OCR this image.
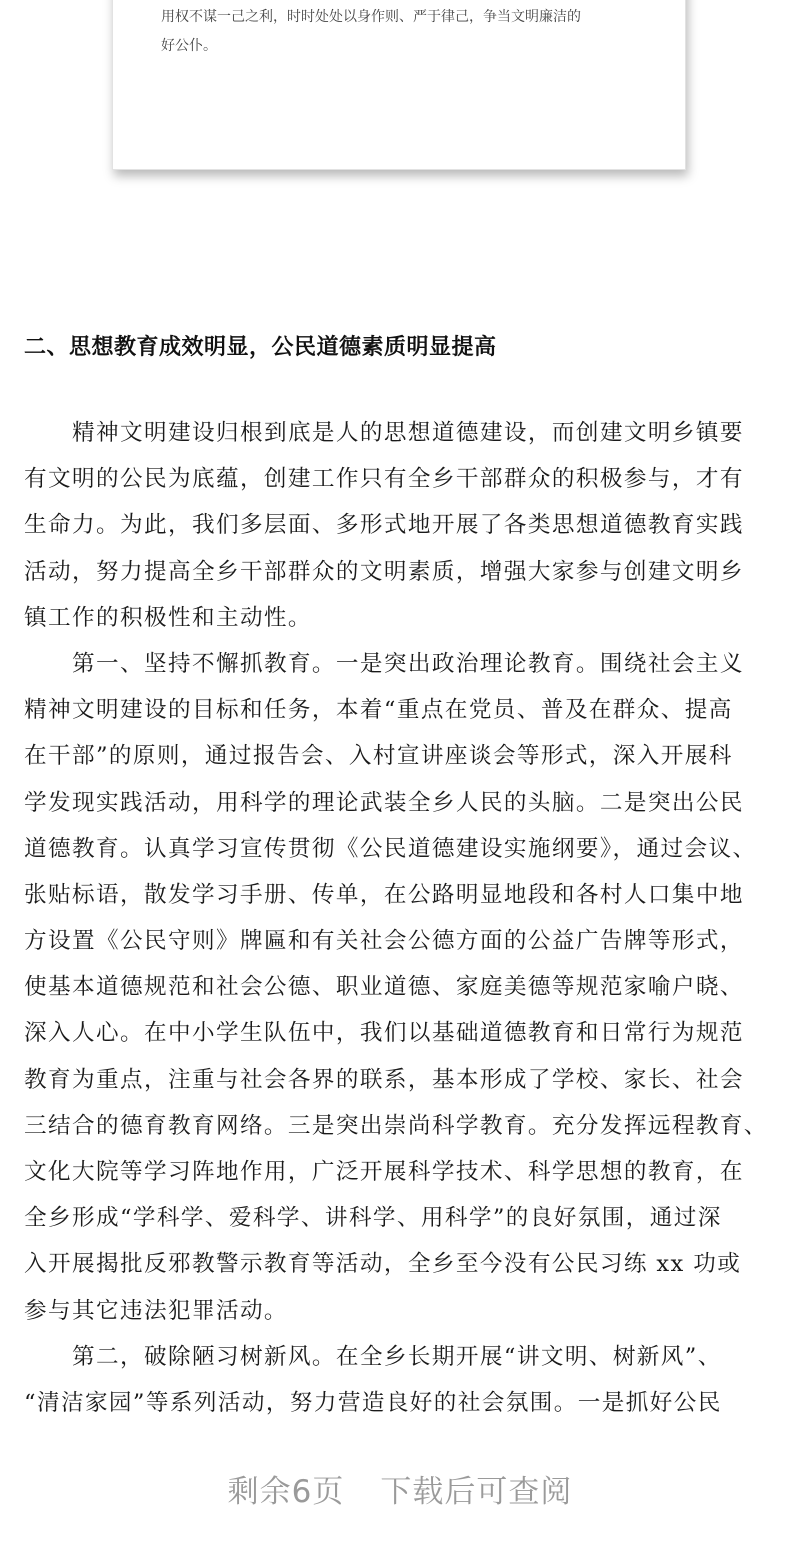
用权不谋一己之利，时时处处以身作则、严于律己，争当文明廉洁的
好公仆。
二、思想教育成效明显，公民道德素质明显提高
精神文明建设归根到底是人的思想道德建设，而创建文明乡镇要
有文明的公民为底蕴，创建工作只有全乡干部群众的积极参与，才有
生命力。为此，我们多层面、多形式地开展了各类思想道德教育实践
活动，努力提高全乡干部群众的文明素质，增强大家参与创建文明乡
镇工作的积极性和主动性。
第一、坚持不懈抓教育。一是突出政治理论教育。围绕社会主义
精神文明建设的目标和任务，本着“重点在党员、普及在群众、提高
在干部”的原则，通过报告会、入村宣讲座谈会等形式，深入开展科
学发现实践活动，用科学的理论武装全乡人民的头脑。二是突出公民
道德教育。认真学习宣传贯彻《公民道德建设实施纲要》，通过会议、
张贴标语，散发学习手册、传单，在公路明显地段和各村人口集中地
方设置《公民守则》牌匾和有关社会公德方面的公益广告牌等形式，
使基本道德规范和社会公德、职业道德、家庭美德等规范家喻户晓、
深入人心。在中小学生队伍中，我们以基础道德教育和日常行为规范
教育为重点，注重与社会各界的联系，基本形成了学校、家长、社会
三结合的德育教育网络。三是突出崇尚科学教育。充分发挥远程教育、
文化大院等学习阵地作用，广泛开展科学技术、科学思想的教育，在
全乡形成“学科学、爱科学、讲科学、用科学”的良好氛围，通过深
入开展揭批反邪教警示教育等活动，全乡至今没有公民习练 xx 功或
参与其它违法犯罪活动。
第二，破除陋习树新风。在全乡长期开展“讲文明、树新风”、
“清洁家园”等系列活动，努力营造良好的社会氛围。一是抓好公民
剩余6页 下载后可查阅
